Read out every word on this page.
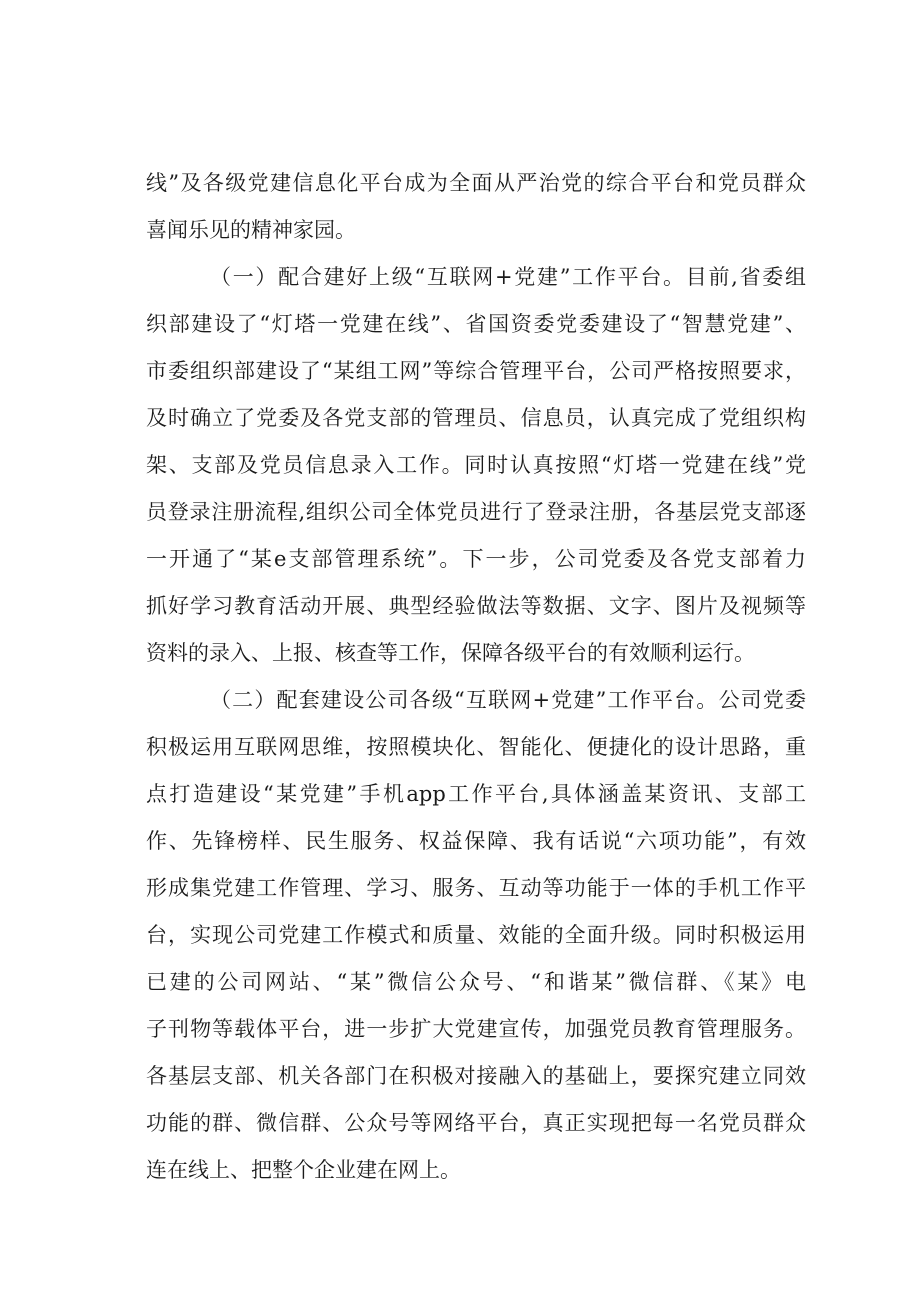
线”及各级党建信息化平台成为全面从严治党的综合平台和党员群众
喜闻乐见的精神家园。
（一）配合建好上级“互联网+党建”工作平台。目前,省委组
织部建设了“灯塔一党建在线”、省国资委党委建设了“智慧党建”、
市委组织部建设了“某组工网”等综合管理平台，公司严格按照要求，
及时确立了党委及各党支部的管理员、信息员，认真完成了党组织构
架、支部及党员信息录入工作。同时认真按照“灯塔一党建在线”党
员登录注册流程,组织公司全体党员进行了登录注册，各基层党支部逐
一开通了“某e支部管理系统”。下一步，公司党委及各党支部着力
抓好学习教育活动开展、典型经验做法等数据、文字、图片及视频等
资料的录入、上报、核查等工作，保障各级平台的有效顺利运行。
（二）配套建设公司各级“互联网+党建”工作平台。公司党委
积极运用互联网思维，按照模块化、智能化、便捷化的设计思路，重
点打造建设“某党建”手机app工作平台,具体涵盖某资讯、支部工
作、先锋榜样、民生服务、权益保障、我有话说“六项功能”，有效
形成集党建工作管理、学习、服务、互动等功能于一体的手机工作平
台，实现公司党建工作模式和质量、效能的全面升级。同时积极运用
已建的公司网站、“某”微信公众号、“和谐某”微信群、《某》电
子刊物等载体平台，进一步扩大党建宣传，加强党员教育管理服务。
各基层支部、机关各部门在积极对接融入的基础上，要探究建立同效
功能的群、微信群、公众号等网络平台，真正实现把每一名党员群众
连在线上、把整个企业建在网上。
